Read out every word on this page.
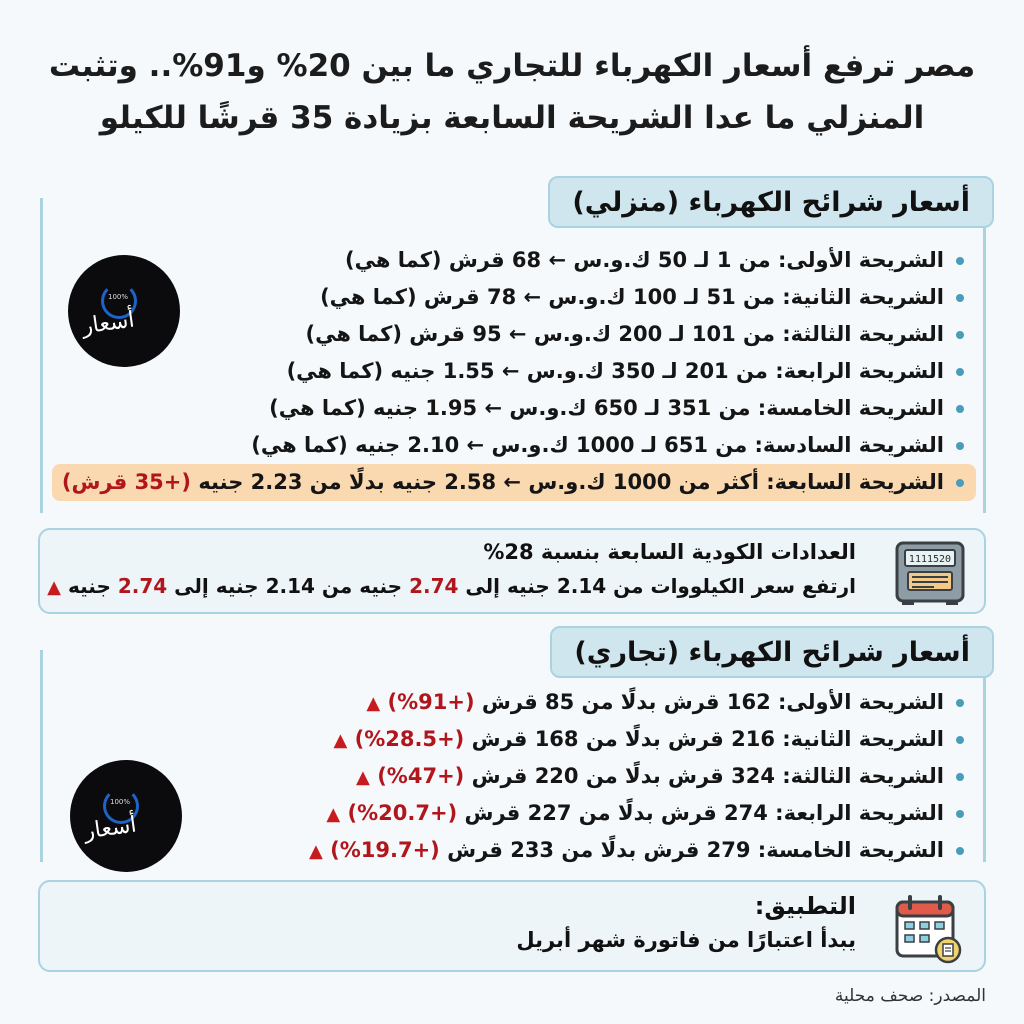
مصر ترفع أسعار الكهرباء للتجاري ما بين 20% و91%.. وتثبت
المنزلي ما عدا الشريحة السابعة بزيادة 35 قرشًا للكيلو
أسعار شرائح الكهرباء (منزلي)
100%
أسعار
الشريحة الأولى: من 1 لـ 50 ك.و.س ← 68 قرش (كما هي)
الشريحة الثانية: من 51 لـ 100 ك.و.س ← 78 قرش (كما هي)
الشريحة الثالثة: من 101 لـ 200 ك.و.س ← 95 قرش (كما هي)
الشريحة الرابعة: من 201 لـ 350 ك.و.س ← 1.55 جنيه (كما هي)
الشريحة الخامسة: من 351 لـ 650 ك.و.س ← 1.95 جنيه (كما هي)
الشريحة السادسة: من 651 لـ 1000 ك.و.س ← 2.10 جنيه (كما هي)
الشريحة السابعة: أكثر من 1000 ك.و.س ← 2.58 جنيه بدلًا من 2.23 جنيه (+35 قرش)
1111520
العدادات الكودية السابعة بنسبة 28%
ارتفع سعر الكيلووات من 2.14 جنيه إلى 2.74 جنيه من 2.14 جنيه إلى 2.74 جنيه ▲
أسعار شرائح الكهرباء (تجاري)
100%
أسعار
الشريحة الأولى: 162 قرش بدلًا من 85 قرش (+91%) ▲
الشريحة الثانية: 216 قرش بدلًا من 168 قرش (+28.5%) ▲
الشريحة الثالثة: 324 قرش بدلًا من 220 قرش (+47%) ▲
الشريحة الرابعة: 274 قرش بدلًا من 227 قرش (+20.7%) ▲
الشريحة الخامسة: 279 قرش بدلًا من 233 قرش (+19.7%) ▲
التطبيق:
يبدأ اعتبارًا من فاتورة شهر أبريل
المصدر: صحف محلية
